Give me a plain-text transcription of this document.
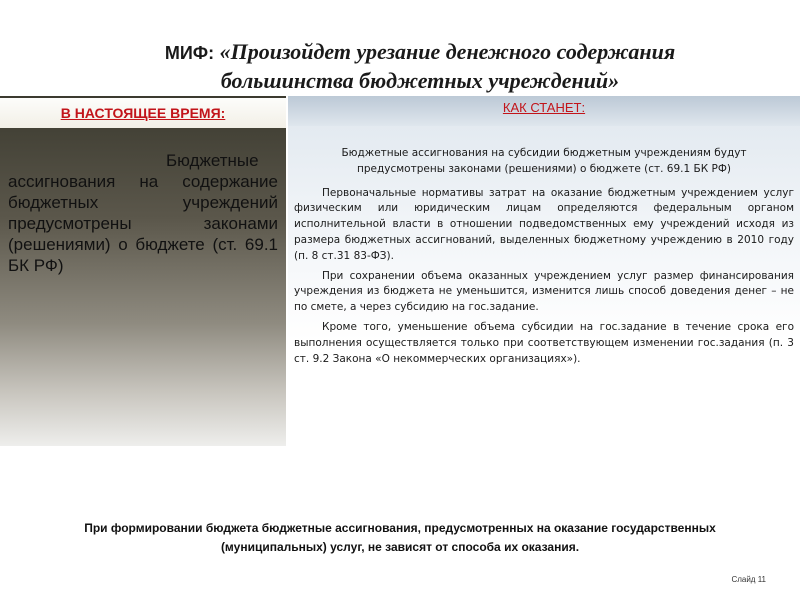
МИФ: «Произойдет урезание денежного содержания
большинства бюджетных учреждений»
В НАСТОЯЩЕЕ ВРЕМЯ:
Бюджетные ассигнования на содержание бюджетных учреждений предусмотрены законами (решениями) о бюджете (ст. 69.1 БК РФ)
КАК СТАНЕТ:

Бюджетные ассигнования на субсидии бюджетным учреждениям будут предусмотрены законами (решениями) о бюджете (ст. 69.1 БК РФ)

Первоначальные нормативы затрат на оказание бюджетным учреждением услуг физическим или юридическим лицам определяются федеральным органом исполнительной власти в отношении подведомственных ему учреждений исходя из размера бюджетных ассигнований, выделенных бюджетному учреждению в 2010 году (п. 8 ст.31 83-ФЗ).

При сохранении объема оказанных учреждением услуг размер финансирования учреждения из бюджета не уменьшится, изменится лишь способ доведения денег – не по смете, а через субсидию на гос.задание.

Кроме того, уменьшение объема субсидии на гос.задание в течение срока его выполнения осуществляется только при соответствующем изменении гос.задания (п. 3 ст. 9.2 Закона «О некоммерческих организациях»).

При формировании бюджета бюджетные ассигнования, предусмотренных на оказание государственных
(муниципальных) услуг, не зависят от способа их оказания.
Слайд 11
